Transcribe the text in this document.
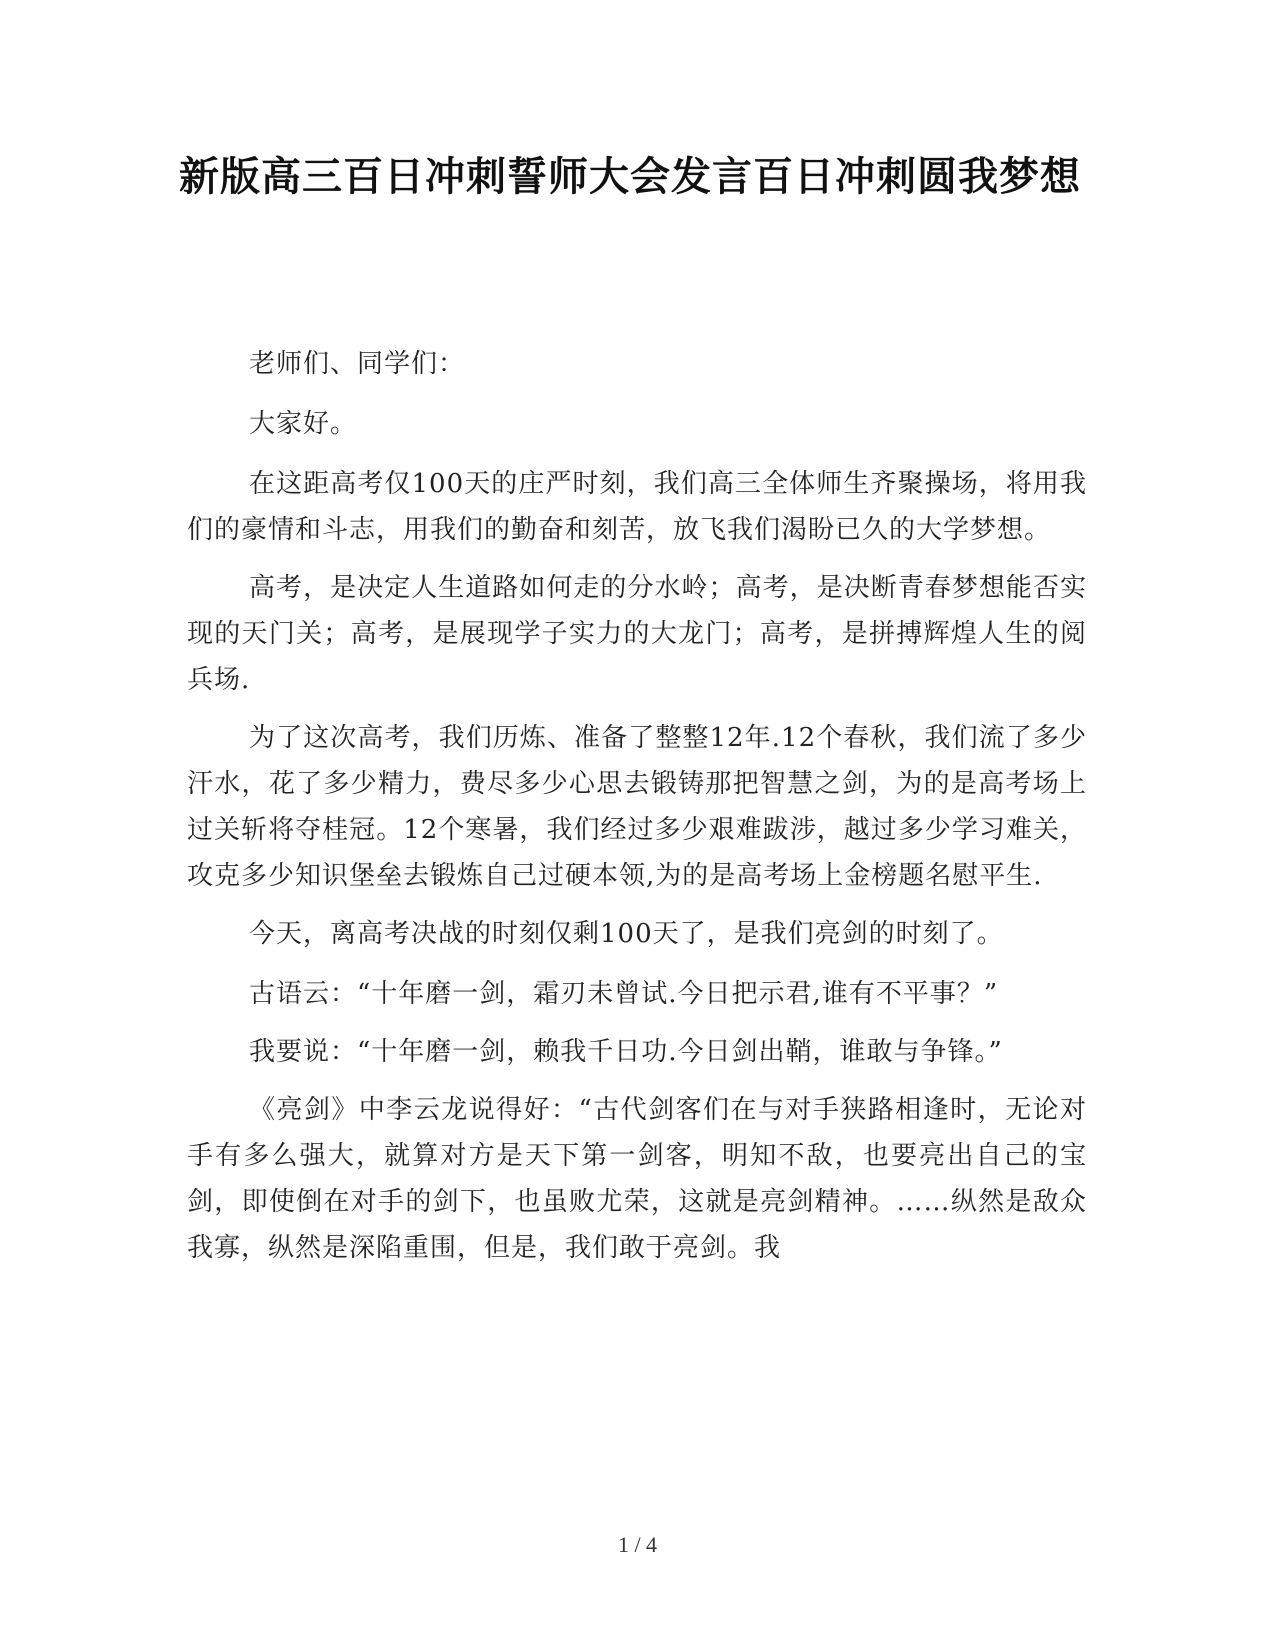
新版高三百日冲刺誓师大会发言百日冲刺圆我梦想

老师们、同学们：

大家好。

在这距高考仅100天的庄严时刻，我们高三全体师生齐聚操场，将用我们的豪情和斗志，用我们的勤奋和刻苦，放飞我们渴盼已久的大学梦想。

高考，是决定人生道路如何走的分水岭；高考，是决断青春梦想能否实现的天门关；高考，是展现学子实力的大龙门；高考，是拼搏辉煌人生的阅兵场.

为了这次高考，我们历炼、准备了整整12年.12个春秋，我们流了多少汗水，花了多少精力，费尽多少心思去锻铸那把智慧之剑，为的是高考场上过关斩将夺桂冠。12个寒暑，我们经过多少艰难跋涉，越过多少学习难关，攻克多少知识堡垒去锻炼自己过硬本领,为的是高考场上金榜题名慰平生.

今天，离高考决战的时刻仅剩100天了，是我们亮剑的时刻了。

古语云：“十年磨一剑，霜刃未曾试.今日把示君,谁有不平事？”

我要说：“十年磨一剑，赖我千日功.今日剑出鞘，谁敢与争锋。”

《亮剑》中李云龙说得好：“古代剑客们在与对手狭路相逢时，无论对手有多么强大，就算对方是天下第一剑客，明知不敌，也要亮出自己的宝剑，即使倒在对手的剑下，也虽败尤荣，这就是亮剑精神。……纵然是敌众我寡，纵然是深陷重围，但是，我们敢于亮剑。我

1 / 4
